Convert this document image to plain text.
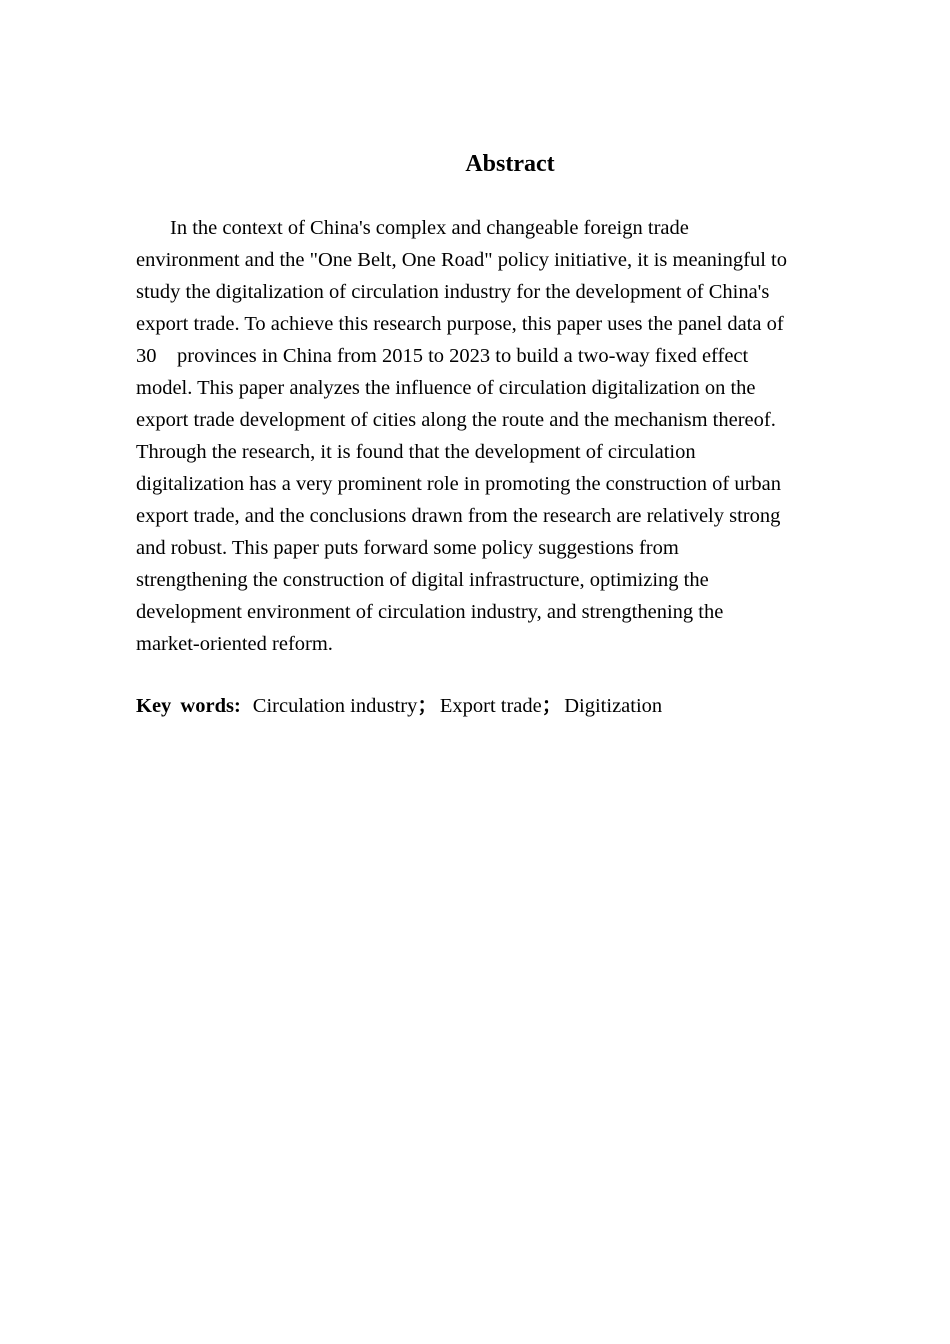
Abstract
In the context of China's complex and changeable foreign trade
environment and the "One Belt, One Road" policy initiative, it is meaningful to
study the digitalization of circulation industry for the development of China's
export trade. To achieve this research purpose, this paper uses the panel data of
30 provinces in China from 2015 to 2023 to build a two-way fixed effect
model. This paper analyzes the influence of circulation digitalization on the
export trade development of cities along the route and the mechanism thereof.
Through the research, it is found that the development of circulation
digitalization has a very prominent role in promoting the construction of urban
export trade, and the conclusions drawn from the research are relatively strong
and robust. This paper puts forward some policy suggestions from
strengthening the construction of digital infrastructure, optimizing the
development environment of circulation industry, and strengthening the
market-oriented reform.

Key words: Circulation industry；Export trade；Digitization
